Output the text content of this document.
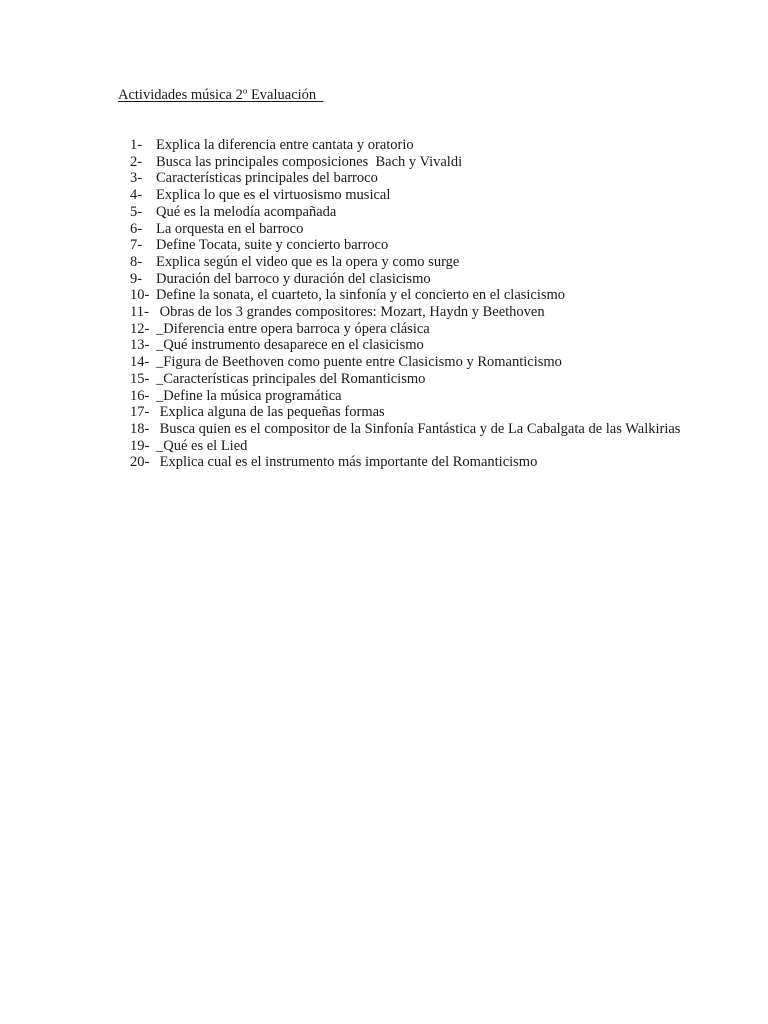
Actividades música 2º Evaluación
1- Explica la diferencia entre cantata y oratorio
2- Busca las principales composiciones  Bach y Vivaldi
3- Características principales del barroco
4- Explica lo que es el virtuosismo musical
5- Qué es la melodía acompañada
6- La orquesta en el barroco
7- Define Tocata, suite y concierto barroco
8- Explica según el video que es la opera y como surge
9- Duración del barroco y duración del clasicismo
10- Define la sonata, el cuarteto, la sinfonía y el concierto en el clasicismo
11- Obras de los 3 grandes compositores: Mozart, Haydn y Beethoven
12- _Diferencia entre opera barroca y ópera clásica
13- _Qué instrumento desaparece en el clasicismo
14- _Figura de Beethoven como puente entre Clasicismo y Romanticismo
15- _Características principales del Romanticismo
16- _Define la música programática
17- Explica alguna de las pequeñas formas
18- Busca quien es el compositor de la Sinfonía Fantástica y de La Cabalgata de las Walkirias
19- _Qué es el Lied
20- Explica cual es el instrumento más importante del Romanticismo
